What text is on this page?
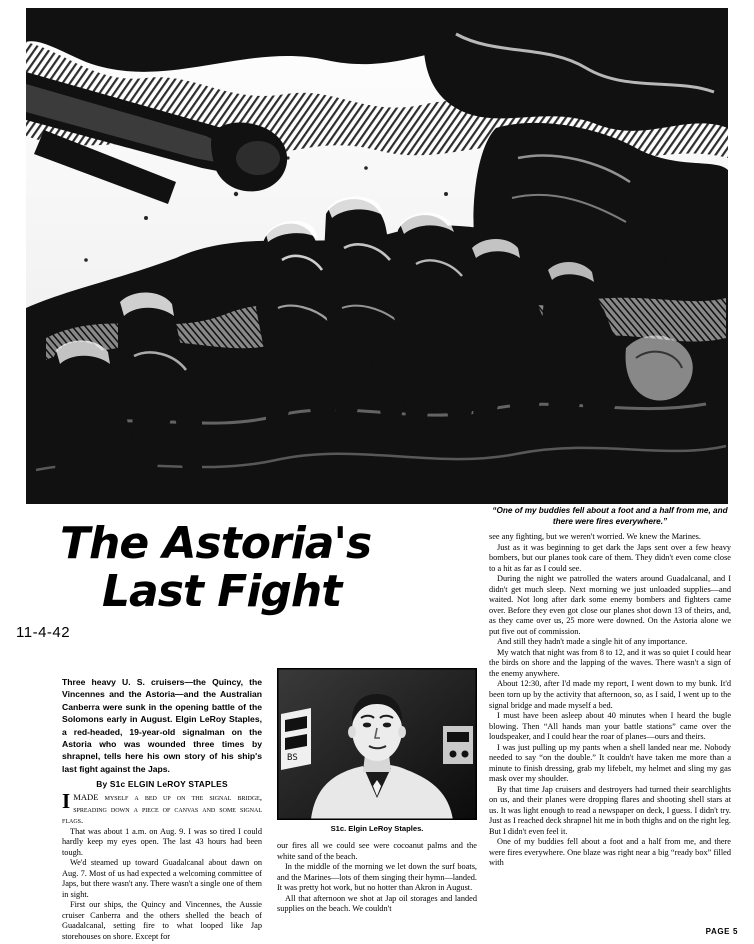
The Astoria's
Last Fight
11-4-42
Three heavy U. S. cruisers—the Quincy, the Vincennes and the Astoria—and the Australian Canberra were sunk in the opening battle of the Solomons early in August. Elgin LeRoy Staples, a red-headed, 19-year-old signalman on the Astoria who was wounded three times by shrapnel, tells here his own story of his ship's last fight against the Japs.
By S1c ELGIN LeROY STAPLES
“One of my buddies fell about a foot and a half from me, and there were fires everywhere.”
BS
S1c. Elgin LeRoy Staples.

IMADE myself a bed up on the signal bridge, spreading down a piece of canvas and some signal flags.

That was about 1 a.m. on Aug. 9. I was so tired I could hardly keep my eyes open. The last 43 hours had been tough.

We'd steamed up toward Guadalcanal about dawn on Aug. 7. Most of us had expected a welcoming committee of Japs, but there wasn't any. There wasn't a single one of them in sight.

First our ships, the Quincy and Vincennes, the Aussie cruiser Canberra and the others shelled the beach of Guadalcanal, setting fire to what looped like Jap storehouses on shore. Except for

our fires all we could see were cocoanut palms and the white sand of the beach.

In the middle of the morning we let down the surf boats, and the Marines—lots of them singing their hymn—landed. It was pretty hot work, but no hotter than Akron in August.

All that afternoon we shot at Jap oil storages and landed supplies on the beach. We couldn't

see any fighting, but we weren't worried. We knew the Marines.

Just as it was beginning to get dark the Japs sent over a few heavy bombers, but our planes took care of them. They didn't even come close to a hit as far as I could see.

During the night we patrolled the waters around Guadalcanal, and I didn't get much sleep. Next morning we just unloaded supplies—and waited. Not long after dark some enemy bombers and fighters came over. Before they even got close our planes shot down 13 of theirs, and, as they came over us, 25 more were downed. On the Astoria alone we put five out of commission.

And still they hadn't made a single hit of any importance.

My watch that night was from 8 to 12, and it was so quiet I could hear the birds on shore and the lapping of the waves. There wasn't a sign of the enemy anywhere.

About 12:30, after I'd made my report, I went down to my bunk. It'd been torn up by the activity that afternoon, so, as I said, I went up to the signal bridge and made myself a bed.

I must have been asleep about 40 minutes when I heard the bugle blowing. Then “All hands man your battle stations” came over the loudspeaker, and I could hear the roar of planes—ours and theirs.

I was just pulling up my pants when a shell landed near me. Nobody needed to say “on the double.” It couldn't have taken me more than a minute to finish dressing, grab my lifebelt, my helmet and sling my gas mask over my shoulder.

By that time Jap cruisers and destroyers had turned their searchlights on us, and their planes were dropping flares and shooting shell stars at us. It was light enough to read a newspaper on deck, I guess. I didn't try. Just as I reached deck shrapnel hit me in both thighs and on the right leg. But I didn't even feel it.

One of my buddies fell about a foot and a half from me, and there were fires everywhere. One blaze was right near a big “ready box” filled with

PAGE 5
